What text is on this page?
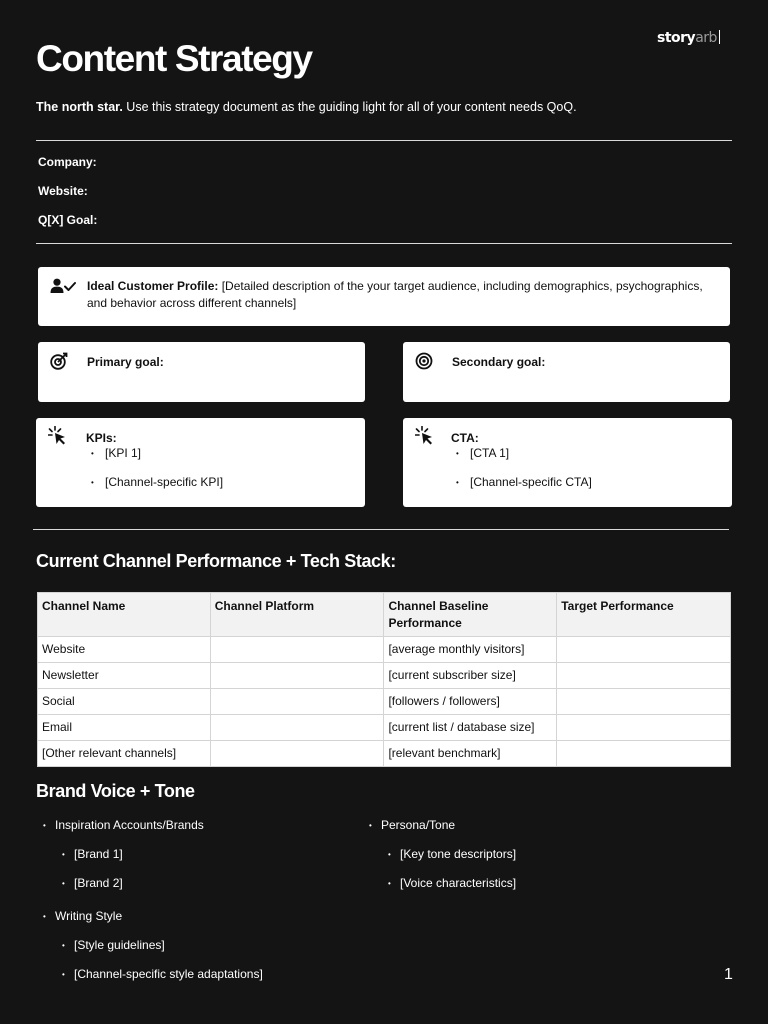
storyarb
Content Strategy
The north star. Use this strategy document as the guiding light for all of your content needs QoQ.
Company:
Website:
Q[X] Goal:
Ideal Customer Profile: [Detailed description of the your target audience, including demographics, psychographics, and behavior across different channels]
Primary goal:	Secondary goal:
KPIs:
• [KPI 1]
• [Channel-specific KPI]
CTA:
• [CTA 1]
• [Channel-specific CTA]
Current Channel Performance + Tech Stack:
Channel Name	Channel Platform	Channel Baseline Performance	Target Performance
Website		[average monthly visitors]	
Newsletter		[current subscriber size]	
Social		[followers / followers]	
Email		[current list / database size]	
[Other relevant channels]		[relevant benchmark]	
Brand Voice + Tone
• Inspiration Accounts/Brands
• [Brand 1]
• [Brand 2]
• Writing Style
• [Style guidelines]
• [Channel-specific style adaptations]
• Persona/Tone
• [Key tone descriptors]
• [Voice characteristics]
1
